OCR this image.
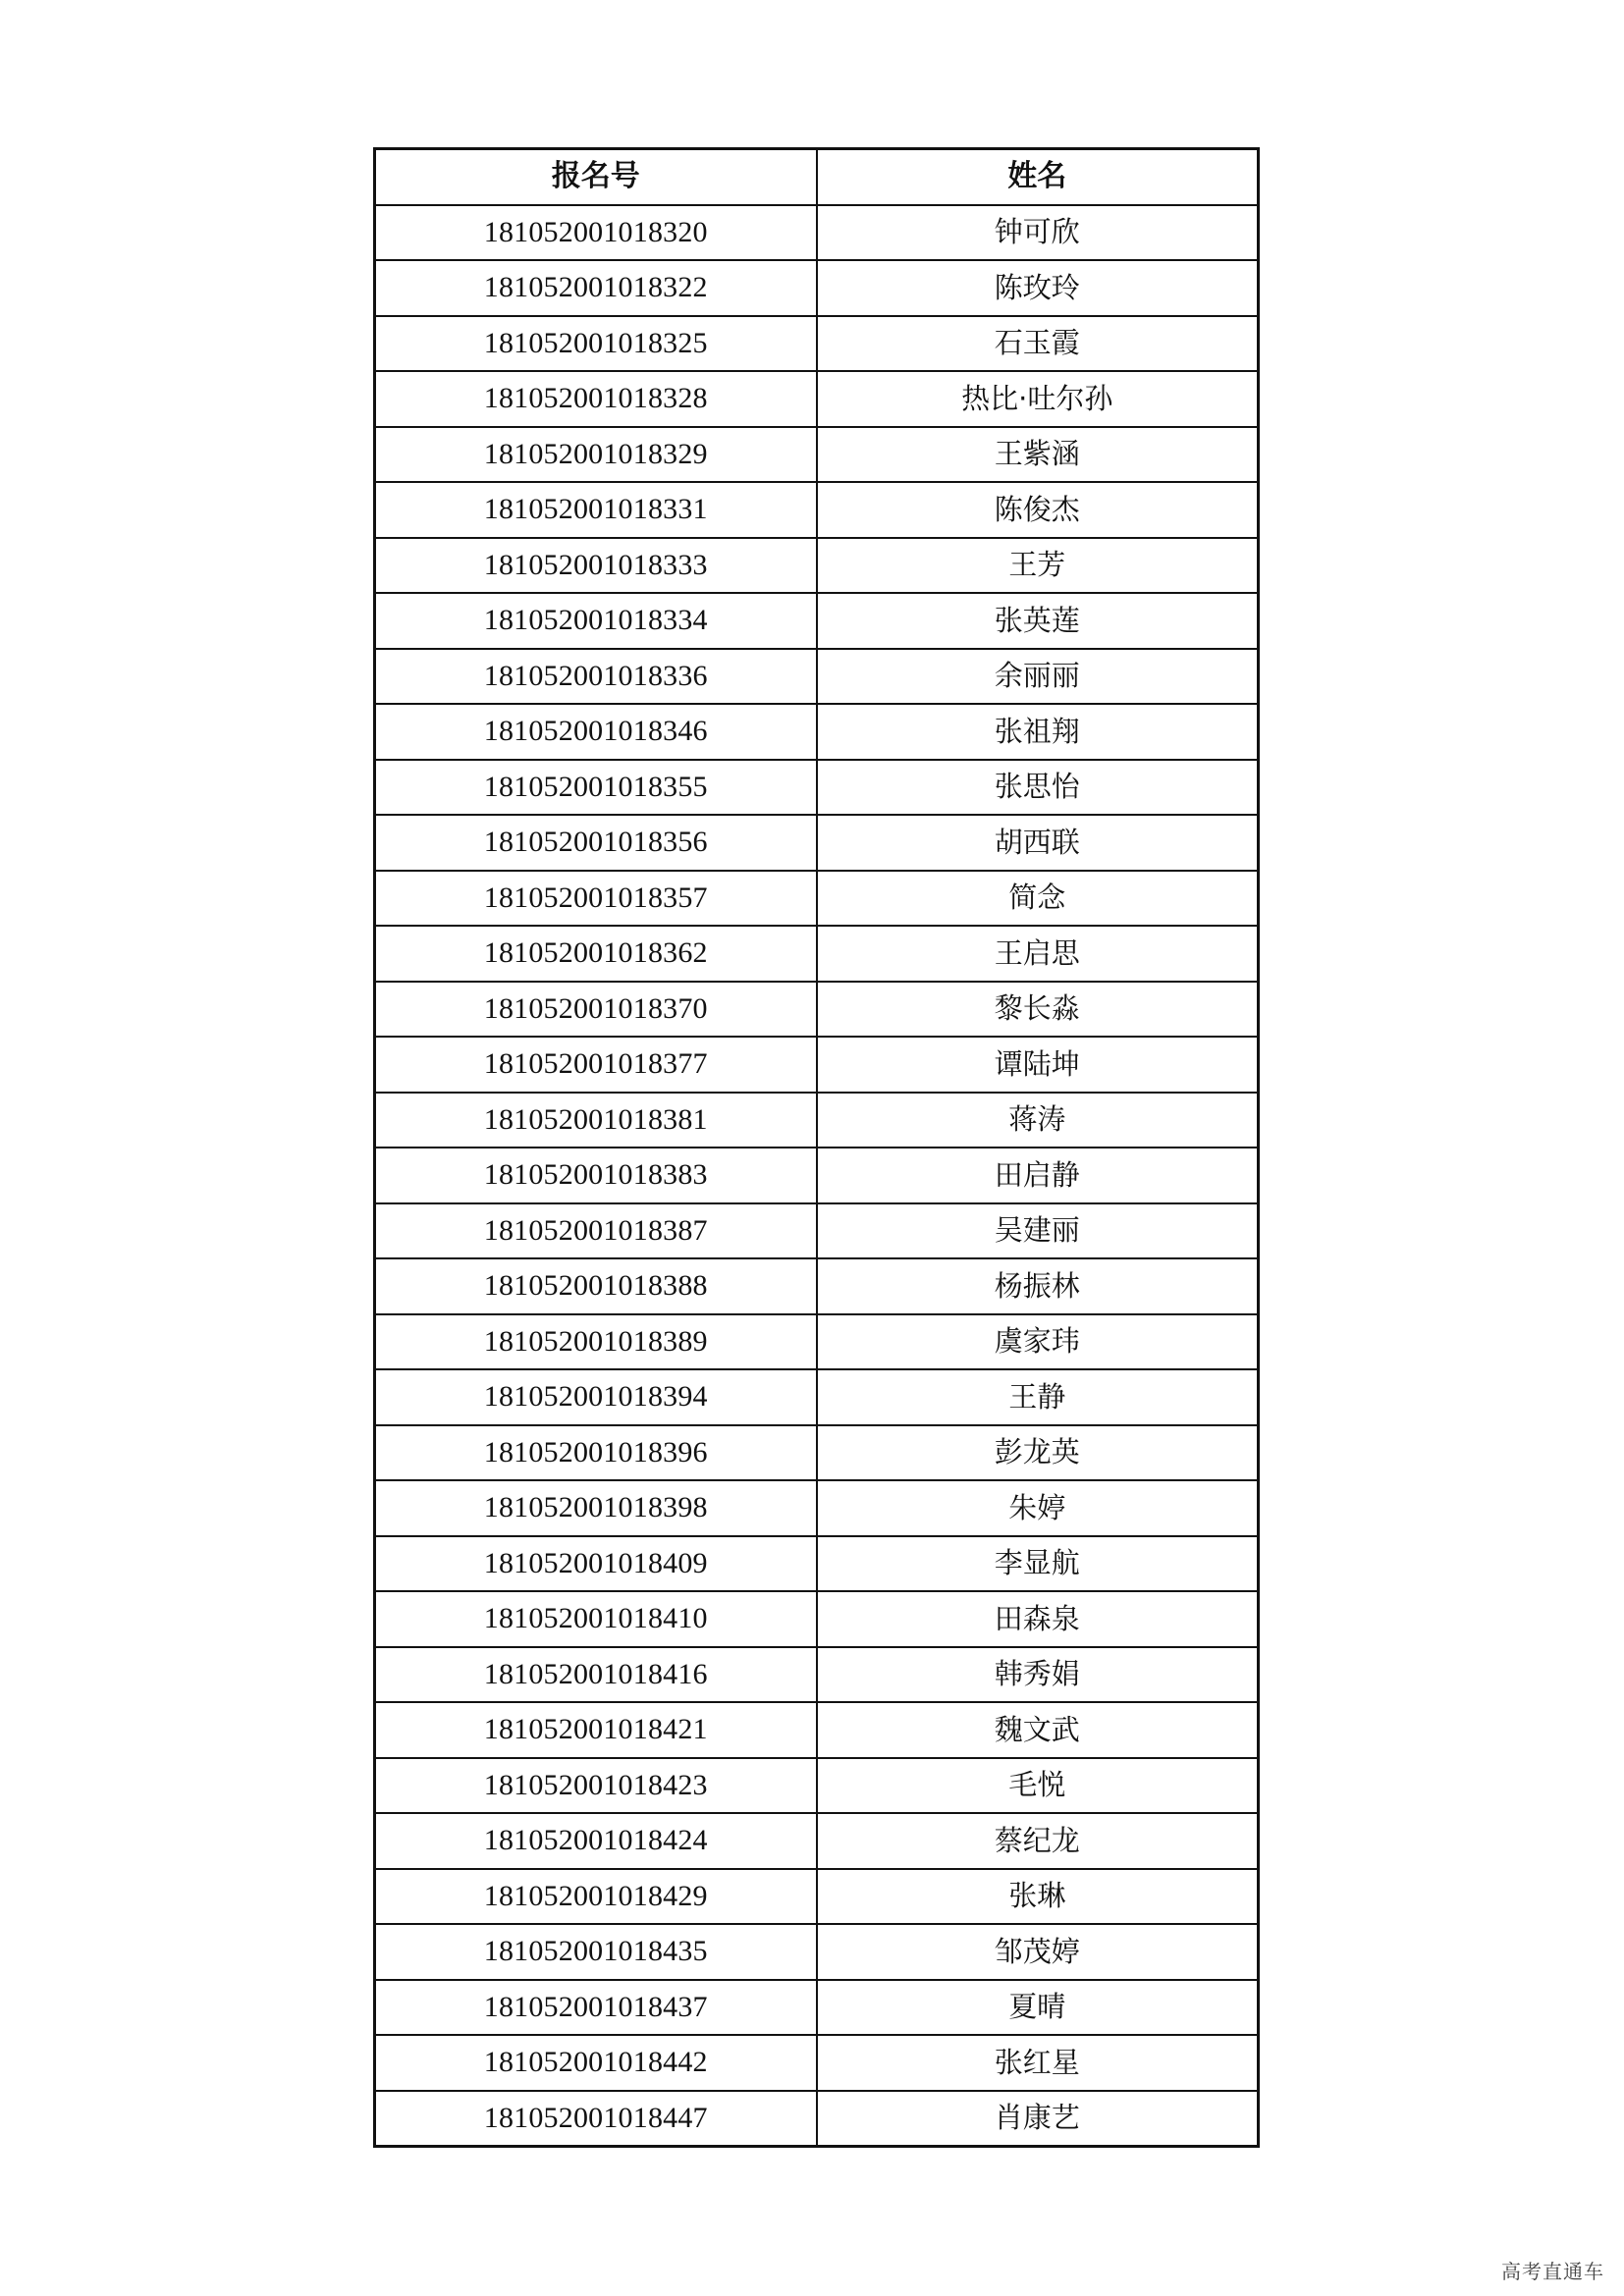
报名号	姓名
181052001018320	钟可欣
181052001018322	陈玫玲
181052001018325	石玉霞
181052001018328	热比·吐尔孙
181052001018329	王紫涵
181052001018331	陈俊杰
181052001018333	王芳
181052001018334	张英莲
181052001018336	余丽丽
181052001018346	张祖翔
181052001018355	张思怡
181052001018356	胡西联
181052001018357	简念
181052001018362	王启思
181052001018370	黎长淼
181052001018377	谭陆坤
181052001018381	蒋涛
181052001018383	田启静
181052001018387	吴建丽
181052001018388	杨振林
181052001018389	虞家玮
181052001018394	王静
181052001018396	彭龙英
181052001018398	朱婷
181052001018409	李显航
181052001018410	田森泉
181052001018416	韩秀娟
181052001018421	魏文武
181052001018423	毛悦
181052001018424	蔡纪龙
181052001018429	张琳
181052001018435	邹茂婷
181052001018437	夏晴
181052001018442	张红星
181052001018447	肖康艺
高考直通车
